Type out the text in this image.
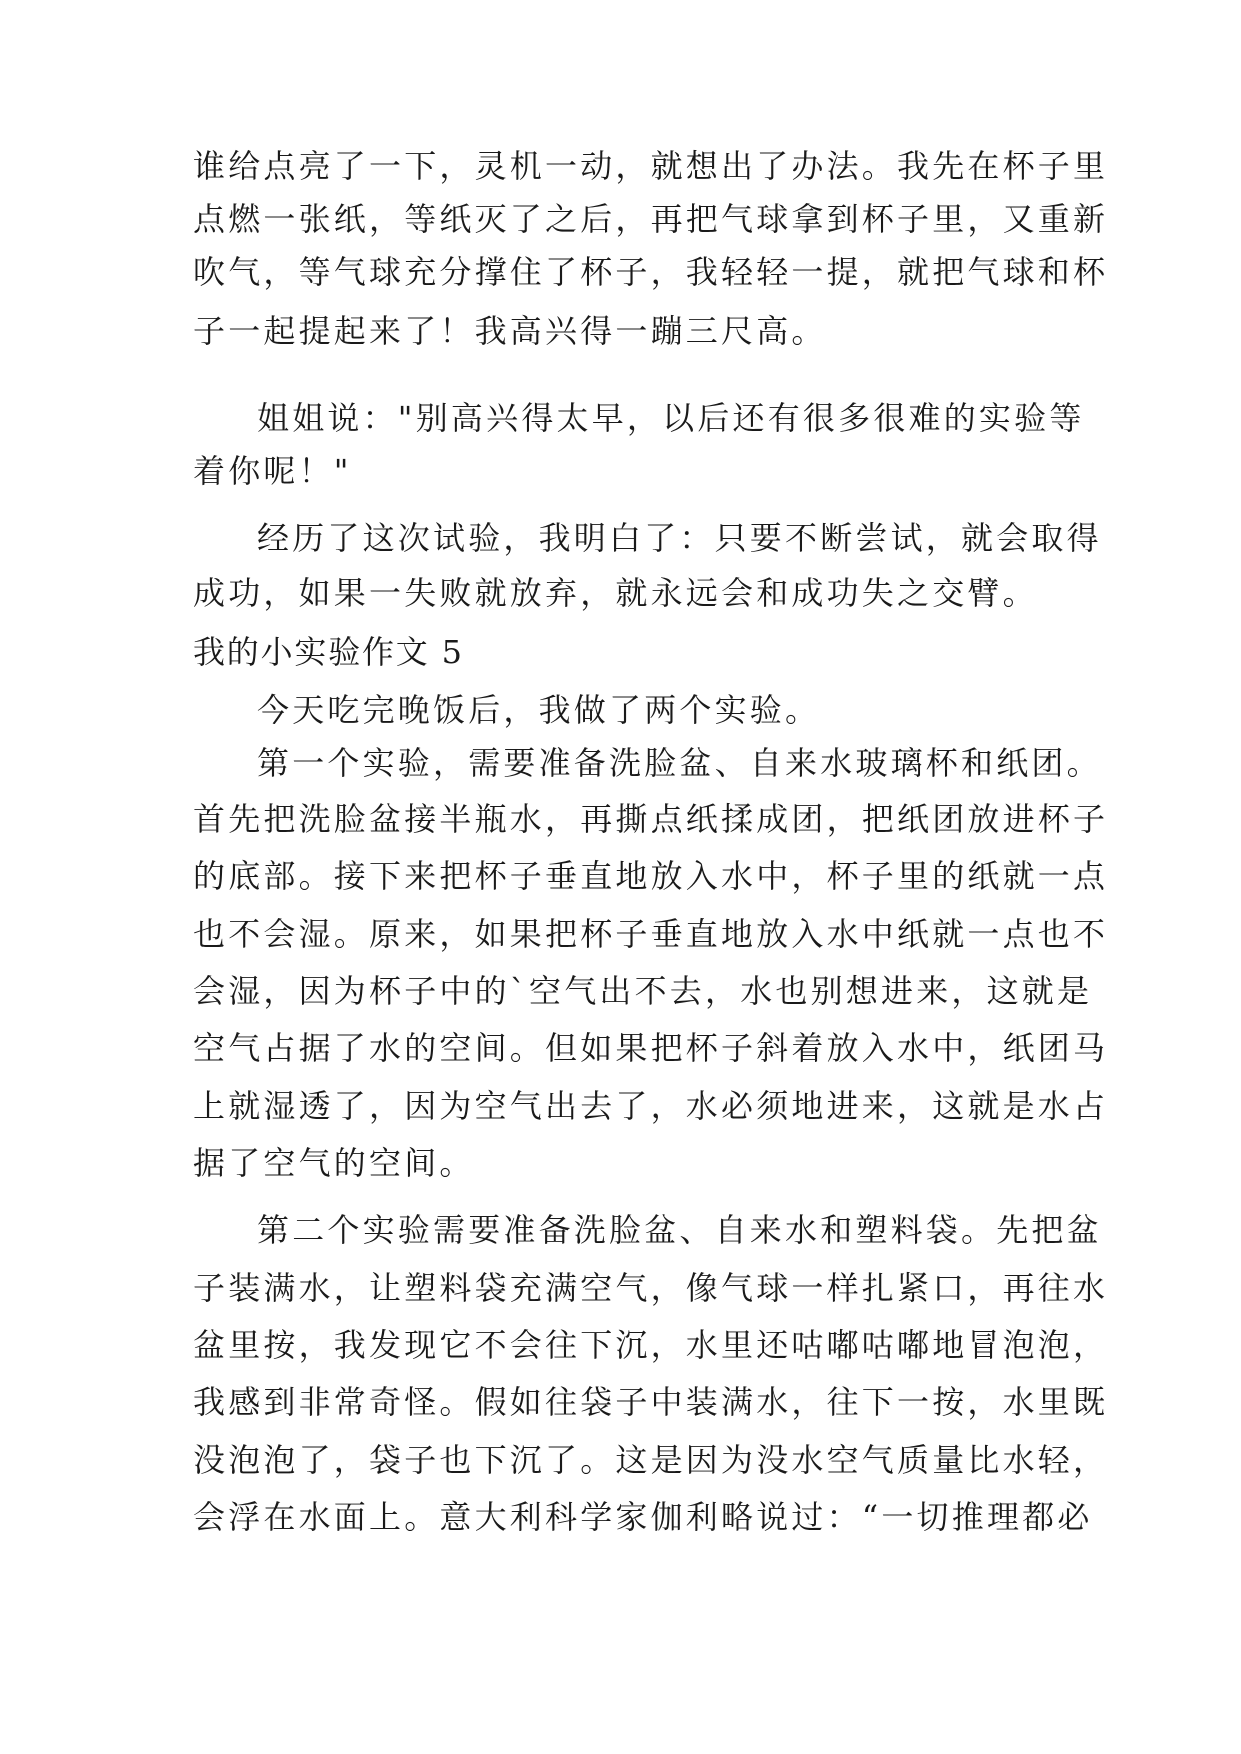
谁给点亮了一下，灵机一动，就想出了办法。我先在杯子里
点燃一张纸，等纸灭了之后，再把气球拿到杯子里，又重新
吹气，等气球充分撑住了杯子，我轻轻一提，就把气球和杯
子一起提起来了！我高兴得一蹦三尺高。
姐姐说："别高兴得太早，以后还有很多很难的实验等
着你呢！"
经历了这次试验，我明白了：只要不断尝试，就会取得
成功，如果一失败就放弃，就永远会和成功失之交臂。
我的小实验作文 5
今天吃完晚饭后，我做了两个实验。
第一个实验，需要准备洗脸盆、自来水玻璃杯和纸团。
首先把洗脸盆接半瓶水，再撕点纸揉成团，把纸团放进杯子
的底部。接下来把杯子垂直地放入水中，杯子里的纸就一点
也不会湿。原来，如果把杯子垂直地放入水中纸就一点也不
会湿，因为杯子中的`空气出不去，水也别想进来，这就是
空气占据了水的空间。但如果把杯子斜着放入水中，纸团马
上就湿透了，因为空气出去了，水必须地进来，这就是水占
据了空气的空间。
第二个实验需要准备洗脸盆、自来水和塑料袋。先把盆
子装满水，让塑料袋充满空气，像气球一样扎紧口，再往水
盆里按，我发现它不会往下沉，水里还咕嘟咕嘟地冒泡泡，
我感到非常奇怪。假如往袋子中装满水，往下一按，水里既
没泡泡了，袋子也下沉了。这是因为没水空气质量比水轻，
会浮在水面上。意大利科学家伽利略说过：“一切推理都必
